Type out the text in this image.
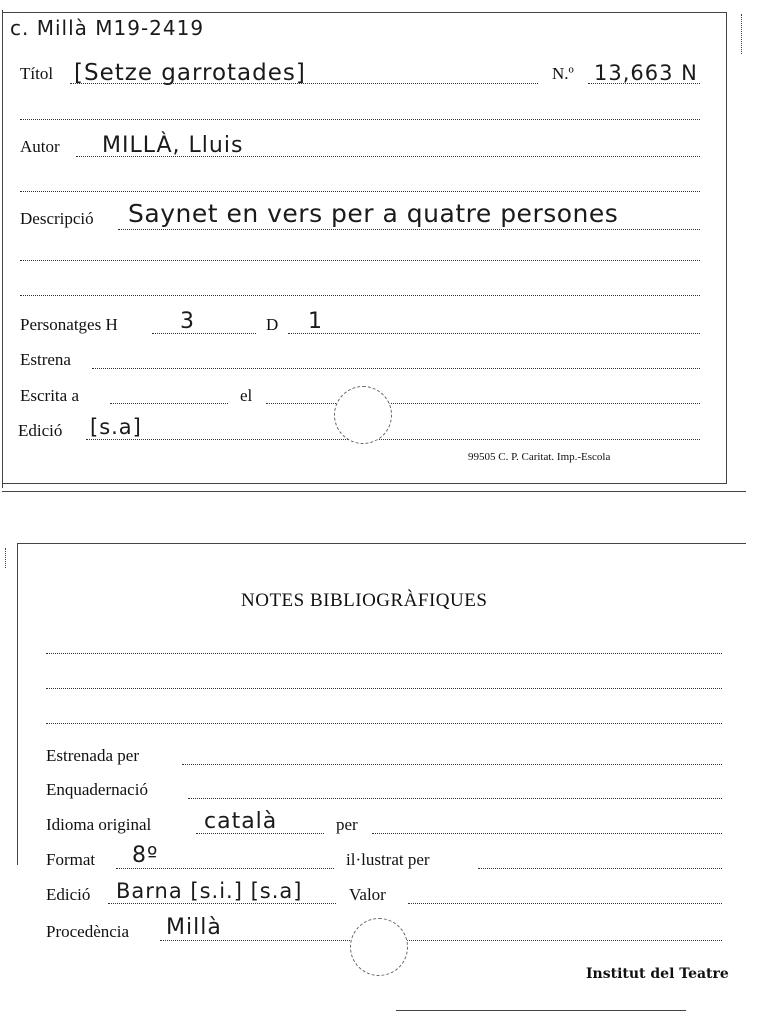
c. Millà M19-2419
Títol [Setze garrotades]	N.º 13,663 N
Autor MILLÀ, Lluis
Descripció Saynet en vers per a quatre persones
Personatges H	3	D 1
Estrena
Escrita a	el
Edició [s.a]
99505 C. P. Caritat. Imp.-Escola
NOTES BIBLIOGRÀFIQUES
Estrenada per
Enquadernació
Idioma original català	per
Format 8º	il·lustrat per
Edició Barna [s.i.] [s.a]	Valor
Procedència Millà
Institut del Teatre
